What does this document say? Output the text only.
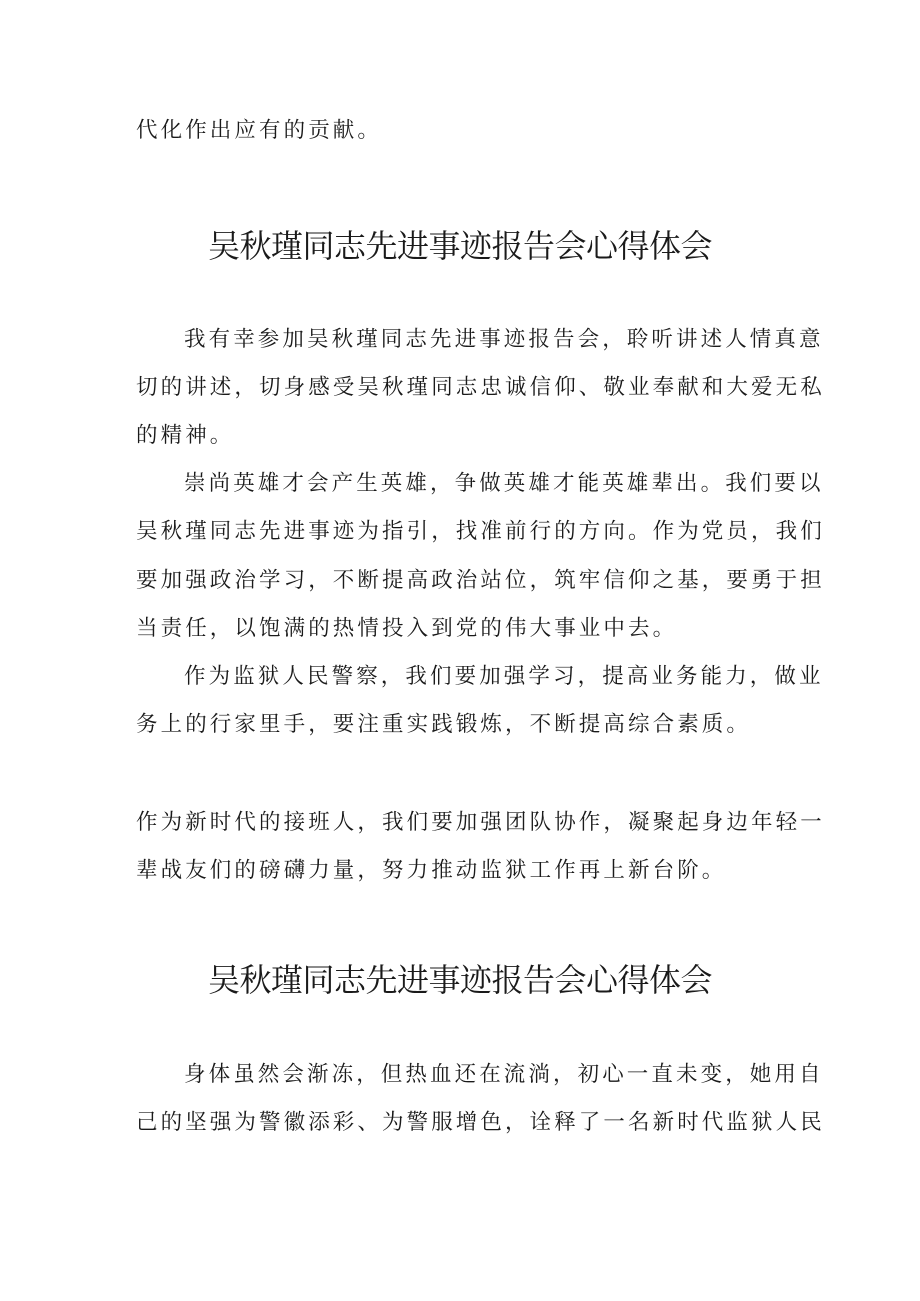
代化作出应有的贡献。
吴秋瑾同志先进事迹报告会心得体会
我有幸参加吴秋瑾同志先进事迹报告会，聆听讲述人情真意
切的讲述，切身感受吴秋瑾同志忠诚信仰、敬业奉献和大爱无私
的精神。
崇尚英雄才会产生英雄，争做英雄才能英雄辈出。我们要以
吴秋瑾同志先进事迹为指引，找准前行的方向。作为党员，我们
要加强政治学习，不断提高政治站位，筑牢信仰之基，要勇于担
当责任，以饱满的热情投入到党的伟大事业中去。
作为监狱人民警察，我们要加强学习，提高业务能力，做业
务上的行家里手，要注重实践锻炼，不断提高综合素质。
作为新时代的接班人，我们要加强团队协作，凝聚起身边年轻一
辈战友们的磅礴力量，努力推动监狱工作再上新台阶。
吴秋瑾同志先进事迹报告会心得体会
身体虽然会渐冻，但热血还在流淌，初心一直未变，她用自
己的坚强为警徽添彩、为警服增色，诠释了一名新时代监狱人民
